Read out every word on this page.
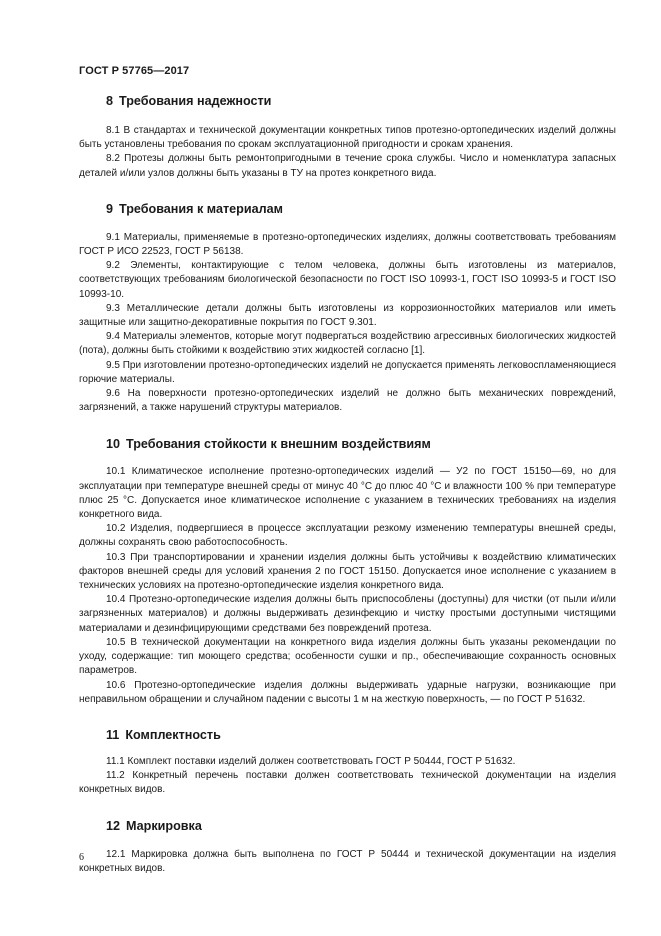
ГОСТ Р 57765—2017
8 Требования надежности

8.1 В стандартах и технической документации конкретных типов протезно-ортопедических изделий должны быть установлены требования по срокам эксплуатационной пригодности и срокам хранения.

8.2 Протезы должны быть ремонтопригодными в течение срока службы. Число и номенклатура запасных деталей и/или узлов должны быть указаны в ТУ на протез конкретного вида.

9 Требования к материалам

9.1 Материалы, применяемые в протезно-ортопедических изделиях, должны соответствовать требованиям ГОСТ Р ИСО 22523, ГОСТ Р 56138.

9.2 Элементы, контактирующие с телом человека, должны быть изготовлены из материалов, соответствующих требованиям биологической безопасности по ГОСТ ISO 10993-1, ГОСТ ISO 10993-5 и ГОСТ ISO 10993-10.

9.3 Металлические детали должны быть изготовлены из коррозионностойких материалов или иметь защитные или защитно-декоративные покрытия по ГОСТ 9.301.

9.4 Материалы элементов, которые могут подвергаться воздействию агрессивных биологических жидкостей (пота), должны быть стойкими к воздействию этих жидкостей согласно [1].

9.5 При изготовлении протезно-ортопедических изделий не допускается применять легковоспламеняющиеся горючие материалы.

9.6 На поверхности протезно-ортопедических изделий не должно быть механических повреждений, загрязнений, а также нарушений структуры материалов.

10 Требования стойкости к внешним воздействиям

10.1 Климатическое исполнение протезно-ортопедических изделий — У2 по ГОСТ 15150—69, но для эксплуатации при температуре внешней среды от минус 40 °С до плюс 40 °С и влажности 100 % при температуре плюс 25 °С. Допускается иное климатическое исполнение с указанием в технических требованиях на изделия конкретного вида.

10.2 Изделия, подвергшиеся в процессе эксплуатации резкому изменению температуры внешней среды, должны сохранять свою работоспособность.

10.3 При транспортировании и хранении изделия должны быть устойчивы к воздействию климатических факторов внешней среды для условий хранения 2 по ГОСТ 15150. Допускается иное исполнение с указанием в технических условиях на протезно-ортопедические изделия конкретного вида.

10.4 Протезно-ортопедические изделия должны быть приспособлены (доступны) для чистки (от пыли и/или загрязненных материалов) и должны выдерживать дезинфекцию и чистку простыми доступными чистящими материалами и дезинфицирующими средствами без повреждений протеза.

10.5 В технической документации на конкретного вида изделия должны быть указаны рекомендации по уходу, содержащие: тип моющего средства; особенности сушки и пр., обеспечивающие сохранность основных параметров.

10.6 Протезно-ортопедические изделия должны выдерживать ударные нагрузки, возникающие при неправильном обращении и случайном падении с высоты 1 м на жесткую поверхность, — по ГОСТ Р 51632.

11 Комплектность

11.1 Комплект поставки изделий должен соответствовать ГОСТ Р 50444, ГОСТ Р 51632.

11.2 Конкретный перечень поставки должен соответствовать технической документации на изделия конкретных видов.

12 Маркировка

12.1 Маркировка должна быть выполнена по ГОСТ Р 50444 и технической документации на изделия конкретных видов.

6
